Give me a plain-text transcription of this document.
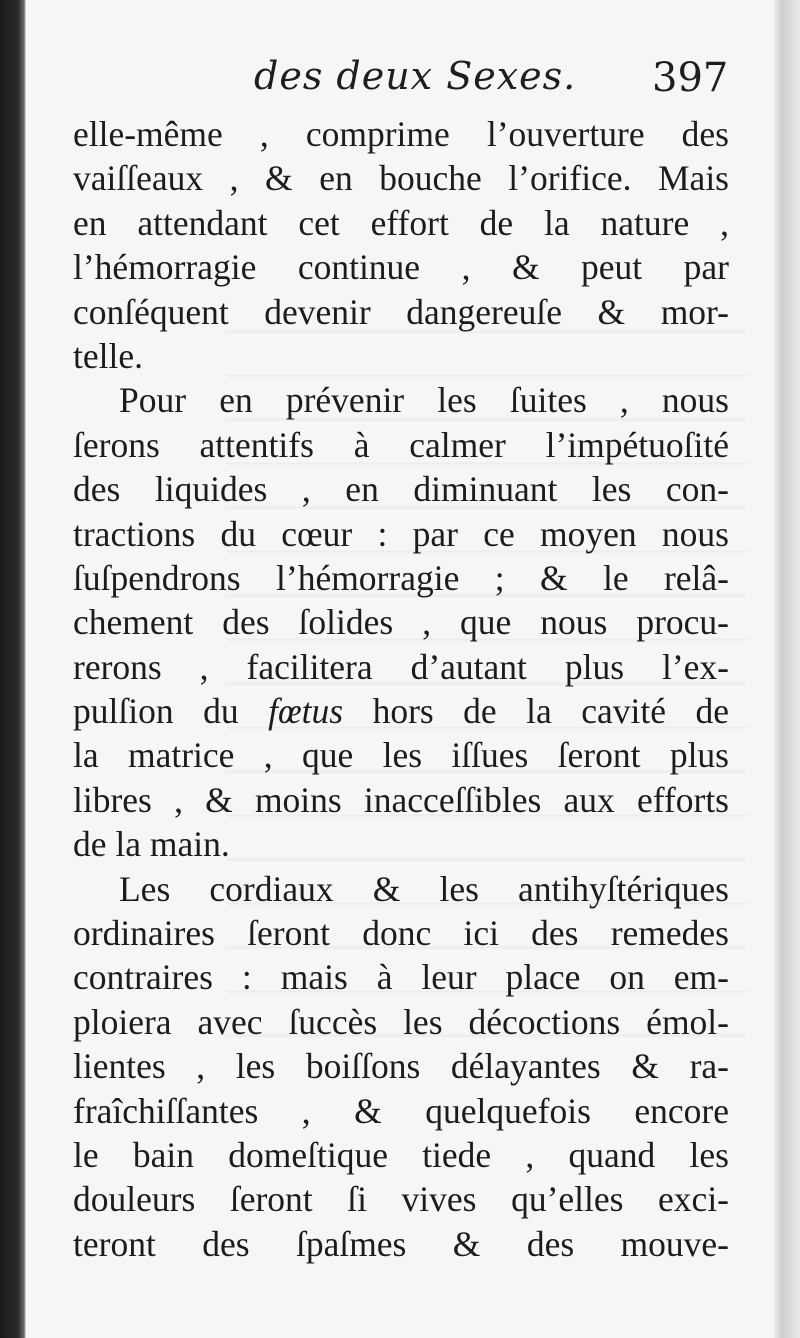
des deux Sexes. 397
elle-même , comprime l’ouverture des
vaiſſeaux , & en bouche l’orifice. Mais
en attendant cet effort de la nature ,
l’hémorragie continue , & peut par
conſéquent devenir dangereuſe & mor-
telle.
Pour en prévenir les ſuites , nous
ſerons attentifs à calmer l’impétuoſité
des liquides , en diminuant les con-
tractions du cœur : par ce moyen nous
ſuſpendrons l’hémorragie ; & le relâ-
chement des ſolides , que nous procu-
rerons , facilitera d’autant plus l’ex-
pulſion du fœtus hors de la cavité de
la matrice , que les iſſues ſeront plus
libres , & moins inacceſſibles aux efforts
de la main.
Les cordiaux & les antihyſtériques
ordinaires ſeront donc ici des remedes
contraires : mais à leur place on em-
ploiera avec ſuccès les décoctions émol-
lientes , les boiſſons délayantes & ra-
fraîchiſſantes , & quelquefois encore
le bain domeſtique tiede , quand les
douleurs ſeront ſi vives qu’elles exci-
teront des ſpaſmes & des mouve-
